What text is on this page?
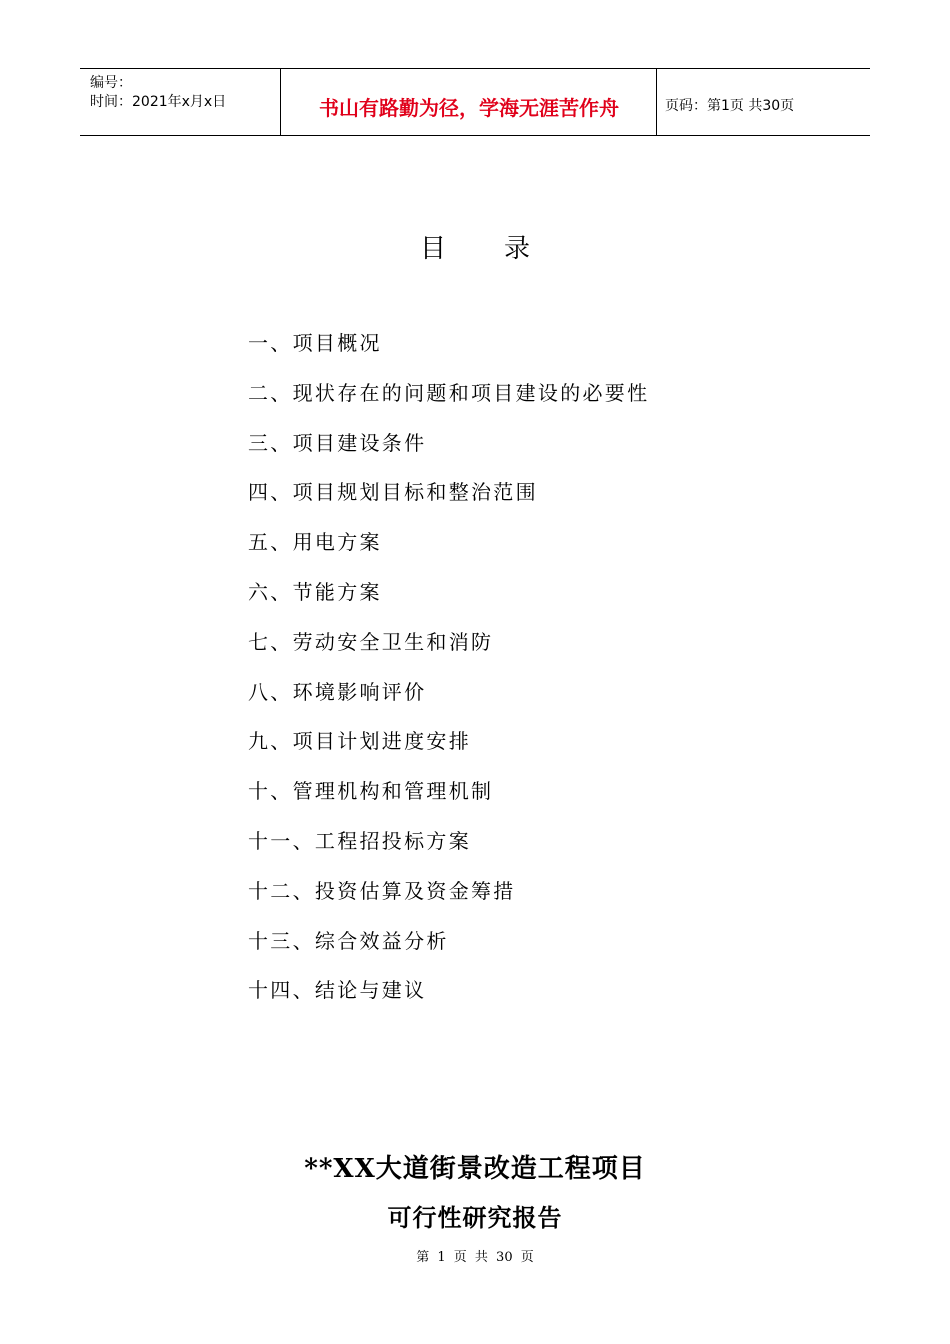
编号：
时间：2021年x月x日	书山有路勤为径，学海无涯苦作舟	页码：第1页 共30页
目录
一、项目概况
二、现状存在的问题和项目建设的必要性
三、项目建设条件
四、项目规划目标和整治范围
五、用电方案
六、节能方案
七、劳动安全卫生和消防
八、环境影响评价
九、项目计划进度安排
十、管理机构和管理机制
十一、工程招投标方案
十二、投资估算及资金筹措
十三、综合效益分析
十四、结论与建议
**XX大道街景改造工程项目
可行性研究报告
第 1 页 共 30 页
